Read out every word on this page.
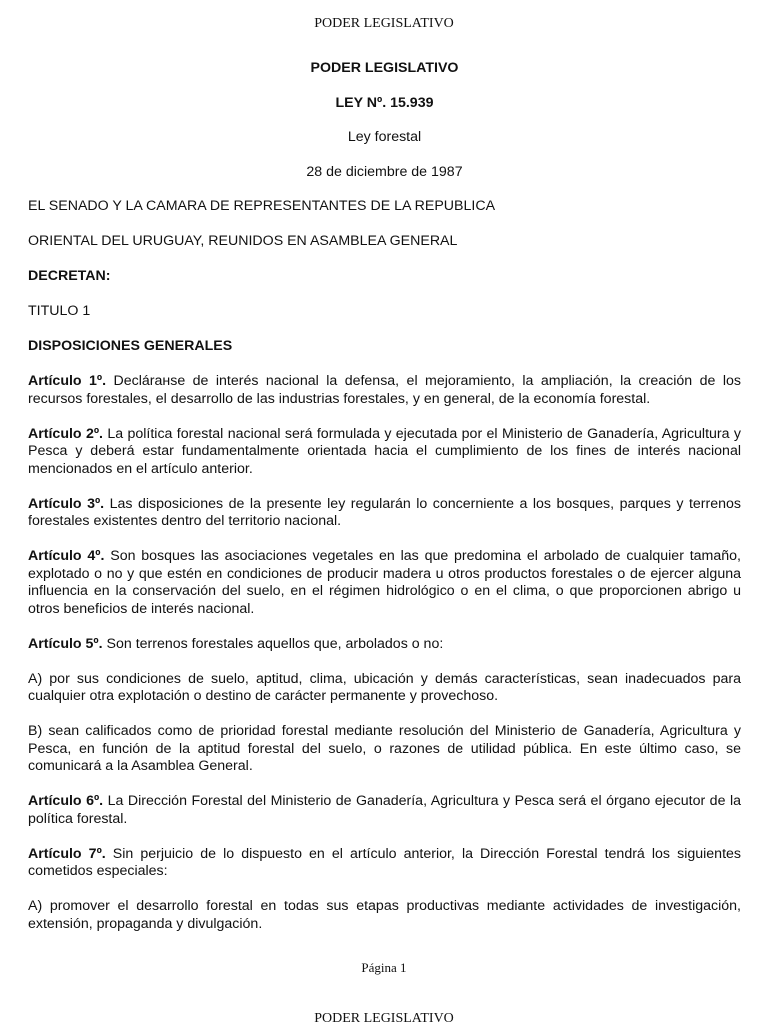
PODER LEGISLATIVO
PODER LEGISLATIVO
LEY Nº. 15.939
Ley forestal
28 de diciembre de 1987
EL SENADO Y LA CAMARA DE REPRESENTANTES DE LA REPUBLICA
ORIENTAL DEL URUGUAY, REUNIDOS EN ASAMBLEA GENERAL
DECRETAN:
TITULO 1
DISPOSICIONES GENERALES

Artículo 1º. Declárанse de interés nacional la defensa, el mejoramiento, la ampliación, la creación de los recursos forestales, el desarrollo de las industrias forestales, y en general, de la economía forestal.

Artículo 2º. La política forestal nacional será formulada y ejecutada por el Ministerio de Ganadería, Agricultura y Pesca y deberá estar fundamentalmente orientada hacia el cumplimiento de los fines de interés nacional mencionados en el artículo anterior.

Artículo 3º. Las disposiciones de la presente ley regularán lo concerniente a los bosques, parques y terrenos forestales existentes dentro del territorio nacional.

Artículo 4º. Son bosques las asociaciones vegetales en las que predomina el arbolado de cualquier tamaño, explotado o no y que estén en condiciones de producir madera u otros productos forestales o de ejercer alguna influencia en la conservación del suelo, en el régimen hidrológico o en el clima, o que proporcionen abrigo u otros beneficios de interés nacional.

Artículo 5º. Son terrenos forestales aquellos que, arbolados o no:

A) por sus condiciones de suelo, aptitud, clima, ubicación y demás características, sean inadecuados para cualquier otra explotación o destino de carácter permanente y provechoso.

B) sean calificados como de prioridad forestal mediante resolución del Ministerio de Ganadería, Agricultura y Pesca, en función de la aptitud forestal del suelo, o razones de utilidad pública. En este último caso, se comunicará a la Asamblea General.

Artículo 6º. La Dirección Forestal del Ministerio de Ganadería, Agricultura y Pesca será el órgano ejecutor de la política forestal.

Artículo 7º. Sin perjuicio de lo dispuesto en el artículo anterior, la Dirección Forestal tendrá los siguientes cometidos especiales:

A) promover el desarrollo forestal en todas sus etapas productivas mediante actividades de investigación, extensión, propaganda y divulgación.

Página 1
PODER LEGISLATIVO
